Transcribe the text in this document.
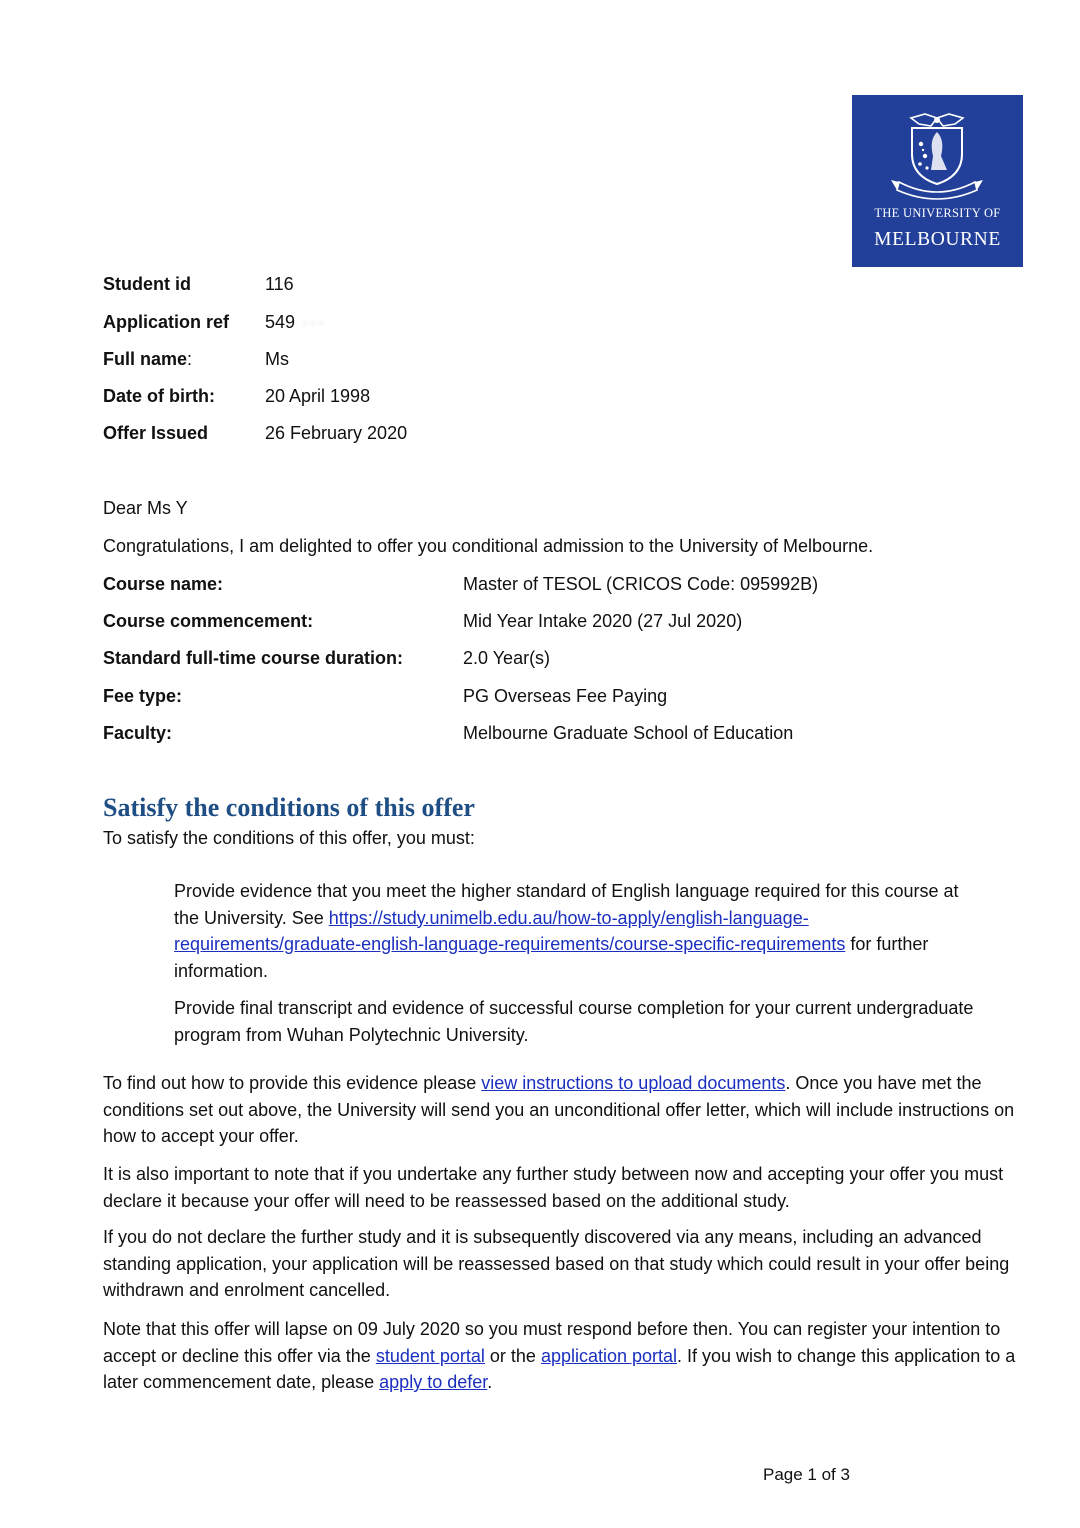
THE UNIVERSITY OF
MELBOURNE
Student id	116
Application ref 549 ···
Full name:	Ms
Date of birth:	20 April 1998
Offer Issued	26 February 2020
Dear Ms Y
Congratulations, I am delighted to offer you conditional admission to the University of Melbourne.
Course name:	Master of TESOL (CRICOS Code: 095992B)
Course commencement:	Mid Year Intake 2020 (27 Jul 2020)
Standard full-time course duration:	2.0 Year(s)
Fee type:	PG Overseas Fee Paying
Faculty:	Melbourne Graduate School of Education
Satisfy the conditions of this offer
To satisfy the conditions of this offer, you must:
Provide evidence that you meet the higher standard of English language required for this course at the University. See https://study.unimelb.edu.au/how-to-apply/english-language-requirements/graduate-english-language-requirements/course-specific-requirements for further information.
Provide final transcript and evidence of successful course completion for your current undergraduate program from Wuhan Polytechnic University.
To find out how to provide this evidence please view instructions to upload documents. Once you have met the conditions set out above, the University will send you an unconditional offer letter, which will include instructions on how to accept your offer.
It is also important to note that if you undertake any further study between now and accepting your offer you must declare it because your offer will need to be reassessed based on the additional study.
If you do not declare the further study and it is subsequently discovered via any means, including an advanced standing application, your application will be reassessed based on that study which could result in your offer being withdrawn and enrolment cancelled.
Note that this offer will lapse on 09 July 2020 so you must respond before then. You can register your intention to accept or decline this offer via the student portal or the application portal. If you wish to change this application to a later commencement date, please apply to defer.
Page 1 of 3
